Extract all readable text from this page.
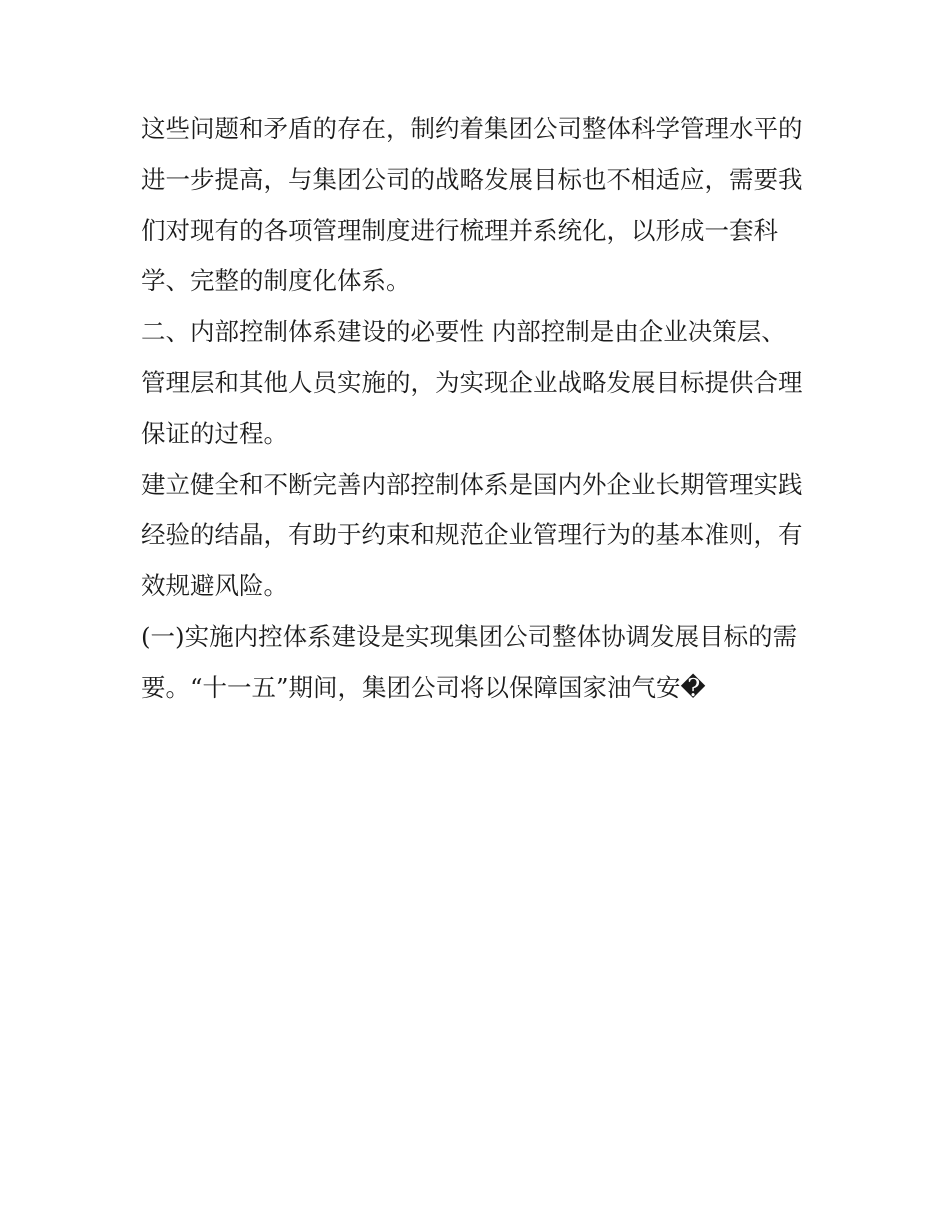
这些问题和矛盾的存在，制约着集团公司整体科学管理水平的
进一步提高，与集团公司的战略发展目标也不相适应，需要我
们对现有的各项管理制度进行梳理并系统化，以形成一套科
学、完整的制度化体系。
二、内部控制体系建设的必要性 内部控制是由企业决策层、
管理层和其他人员实施的，为实现企业战略发展目标提供合理
保证的过程。
建立健全和不断完善内部控制体系是国内外企业长期管理实践
经验的结晶，有助于约束和规范企业管理行为的基本准则，有
效规避风险。
(一)实施内控体系建设是实现集团公司整体协调发展目标的需
要。“十一五”期间，集团公司将以保障国家油气安�
